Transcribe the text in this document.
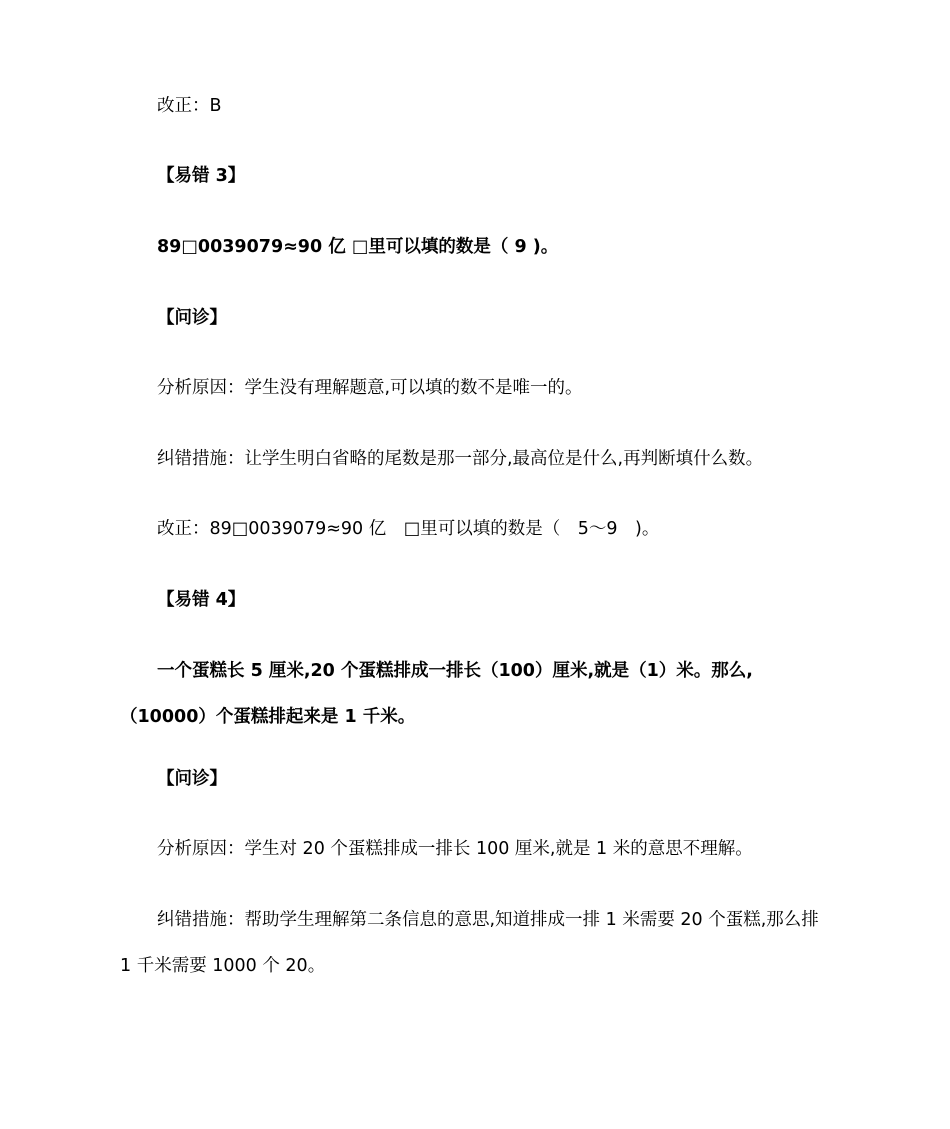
改正：B

【易错 3】

89□0039079≈90 亿 □里可以填的数是（ 9 )。

【问诊】

分析原因：学生没有理解题意,可以填的数不是唯一的。

纠错措施：让学生明白省略的尾数是那一部分,最高位是什么,再判断填什么数。

改正：89□0039079≈90 亿　□里可以填的数是（　5～9　)。

【易错 4】

一个蛋糕长 5 厘米,20 个蛋糕排成一排长（100）厘米,就是（1）米。那么,（10000）个蛋糕排起来是 1 千米。

【问诊】

分析原因：学生对 20 个蛋糕排成一排长 100 厘米,就是 1 米的意思不理解。

纠错措施：帮助学生理解第二条信息的意思,知道排成一排 1 米需要 20 个蛋糕,那么排 1 千米需要 1000 个 20。
